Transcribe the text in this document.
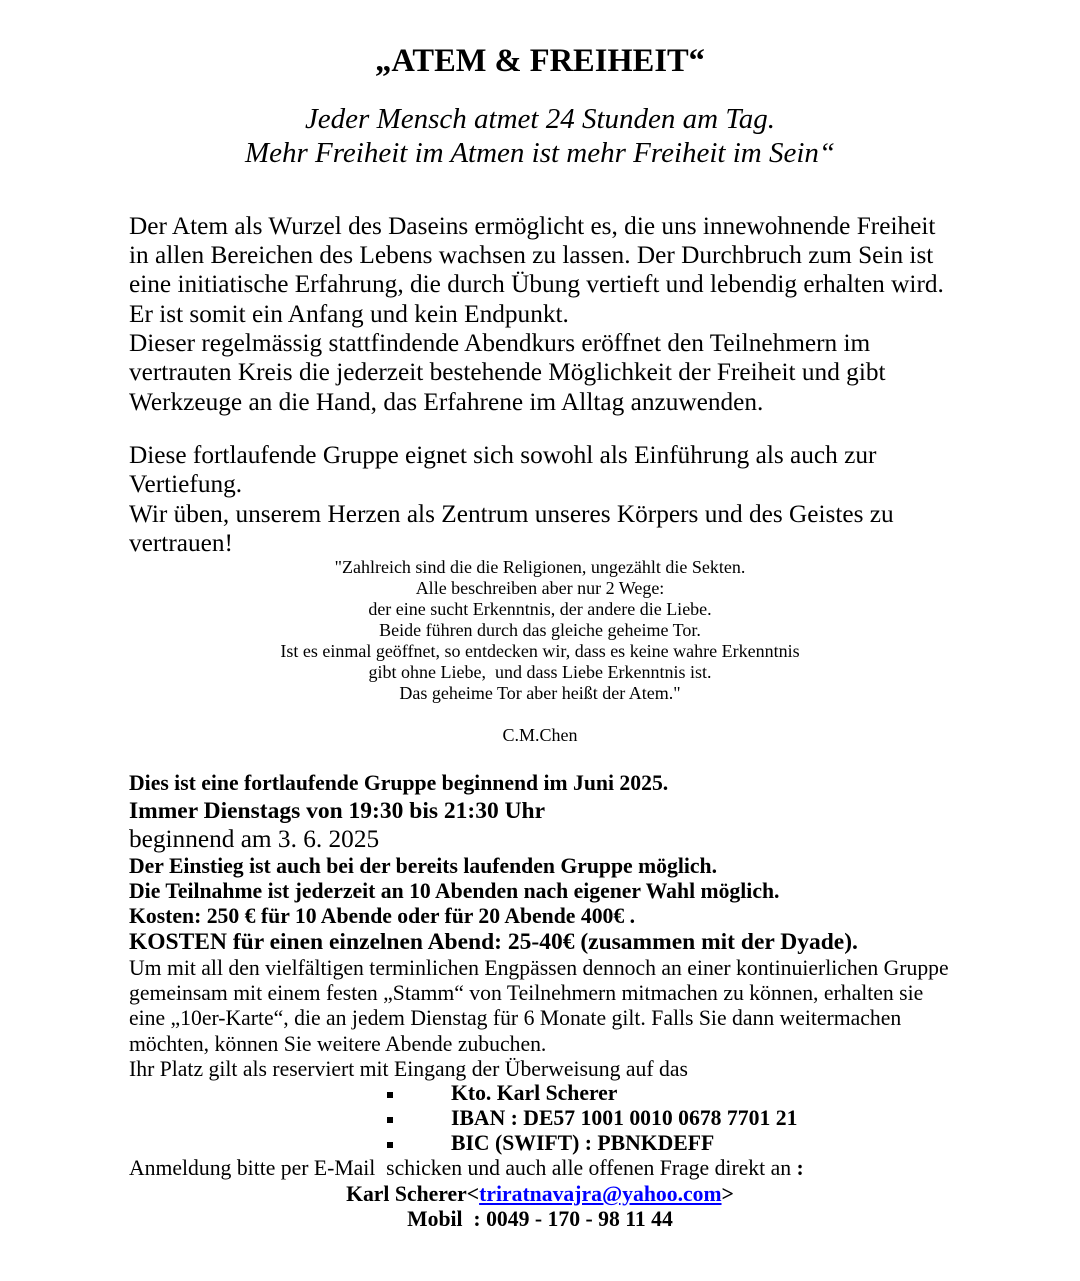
„ATEM & FREIHEIT“
Jeder Mensch atmet 24 Stunden am Tag.
Mehr Freiheit im Atmen ist mehr Freiheit im Sein“
Der Atem als Wurzel des Daseins ermöglicht es, die uns innewohnende Freiheit
in allen Bereichen des Lebens wachsen zu lassen. Der Durchbruch zum Sein ist
eine initiatische Erfahrung, die durch Übung vertieft und lebendig erhalten wird.
Er ist somit ein Anfang und kein Endpunkt.
Dieser regelmässig stattfindende Abendkurs eröffnet den Teilnehmern im
vertrauten Kreis die jederzeit bestehende Möglichkeit der Freiheit und gibt
Werkzeuge an die Hand, das Erfahrene im Alltag anzuwenden.
Diese fortlaufende Gruppe eignet sich sowohl als Einführung als auch zur
Vertiefung.
Wir üben, unserem Herzen als Zentrum unseres Körpers und des Geistes zu
vertrauen!
"Zahlreich sind die die Religionen, ungezählt die Sekten.
Alle beschreiben aber nur 2 Wege:
der eine sucht Erkenntnis, der andere die Liebe.
Beide führen durch das gleiche geheime Tor.
Ist es einmal geöffnet, so entdecken wir, dass es keine wahre Erkenntnis
gibt ohne Liebe,  und dass Liebe Erkenntnis ist.
Das geheime Tor aber heißt der Atem."
C.M.Chen
Dies ist eine fortlaufende Gruppe beginnend im Juni 2025.
Immer Dienstags von 19:30 bis 21:30 Uhr
beginnend am 3. 6. 2025
Der Einstieg ist auch bei der bereits laufenden Gruppe möglich.
Die Teilnahme ist jederzeit an 10 Abenden nach eigener Wahl möglich.
Kosten: 250 € für 10 Abende oder für 20 Abende 400€ .
KOSTEN für einen einzelnen Abend: 25-40€ (zusammen mit der Dyade).
Um mit all den vielfältigen terminlichen Engpässen dennoch an einer kontinuierlichen Gruppe
gemeinsam mit einem festen „Stamm“ von Teilnehmern mitmachen zu können, erhalten sie
eine „10er-Karte“, die an jedem Dienstag für 6 Monate gilt. Falls Sie dann weitermachen
möchten, können Sie weitere Abende zubuchen.
Ihr Platz gilt als reserviert mit Eingang der Überweisung auf das
Kto. Karl Scherer
IBAN : DE57 1001 0010 0678 7701 21
BIC (SWIFT) : PBNKDEFF
Anmeldung bitte per E-Mail  schicken und auch alle offenen Frage direkt an :
Karl Scherer<triratnavajra@yahoo.com>
Mobil  : 0049 - 170 - 98 11 44
